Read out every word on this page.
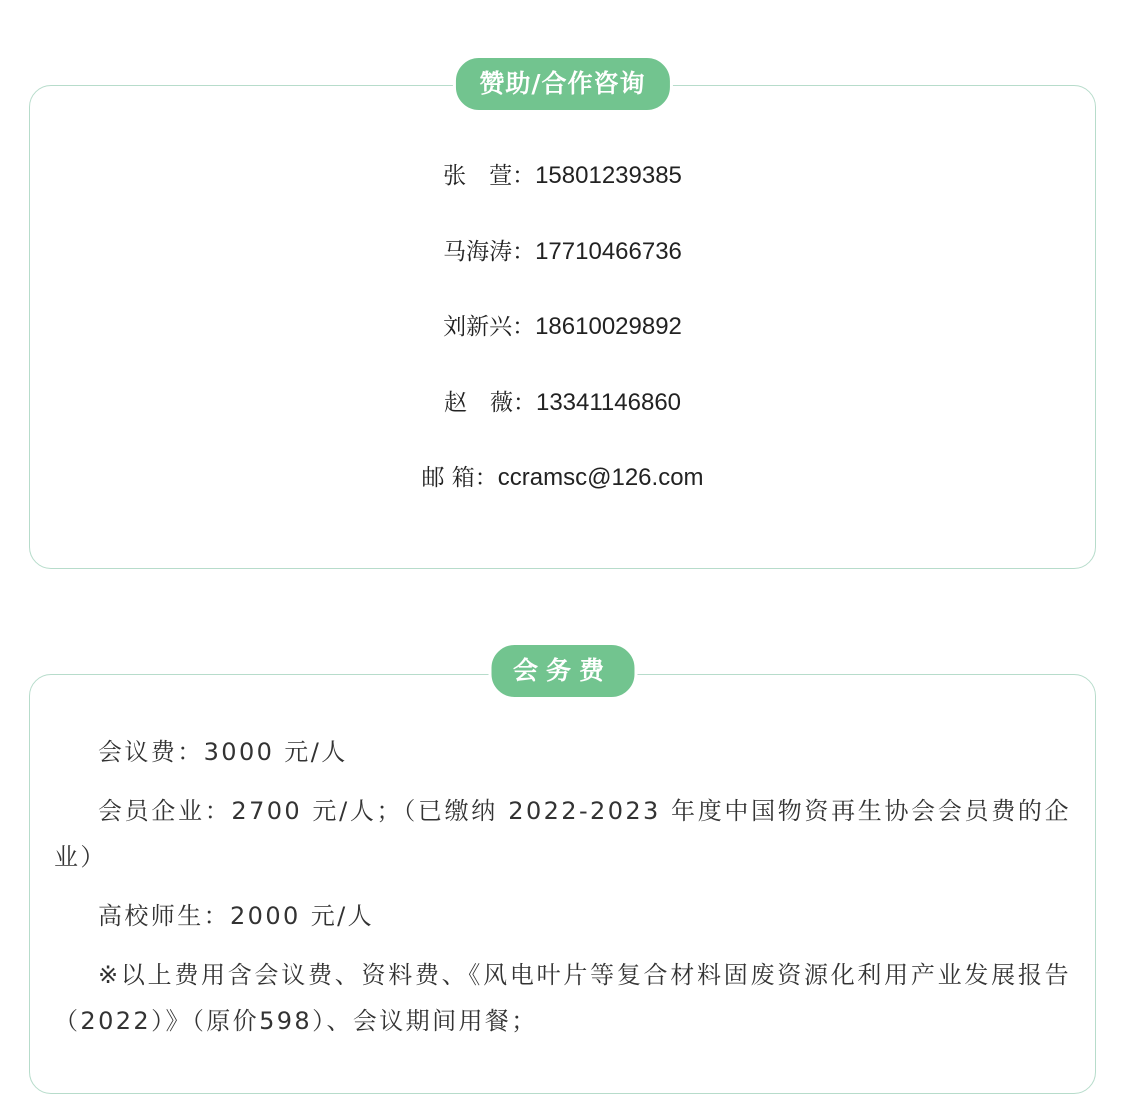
赞助/合作咨询
张　萱：15801239385
马海涛：17710466736
刘新兴：18610029892
赵　薇：13341146860
邮 箱：ccramsc@126.com
会务费

会议费：3000 元/人

会员企业：2700 元/人；（已缴纳 2022-2023 年度中国物资再生协会会员费的企业）

高校师生：2000 元/人

※以上费用含会议费、资料费、《风电叶片等复合材料固废资源化利用产业发展报告（2022）》（原价598）、会议期间用餐；
